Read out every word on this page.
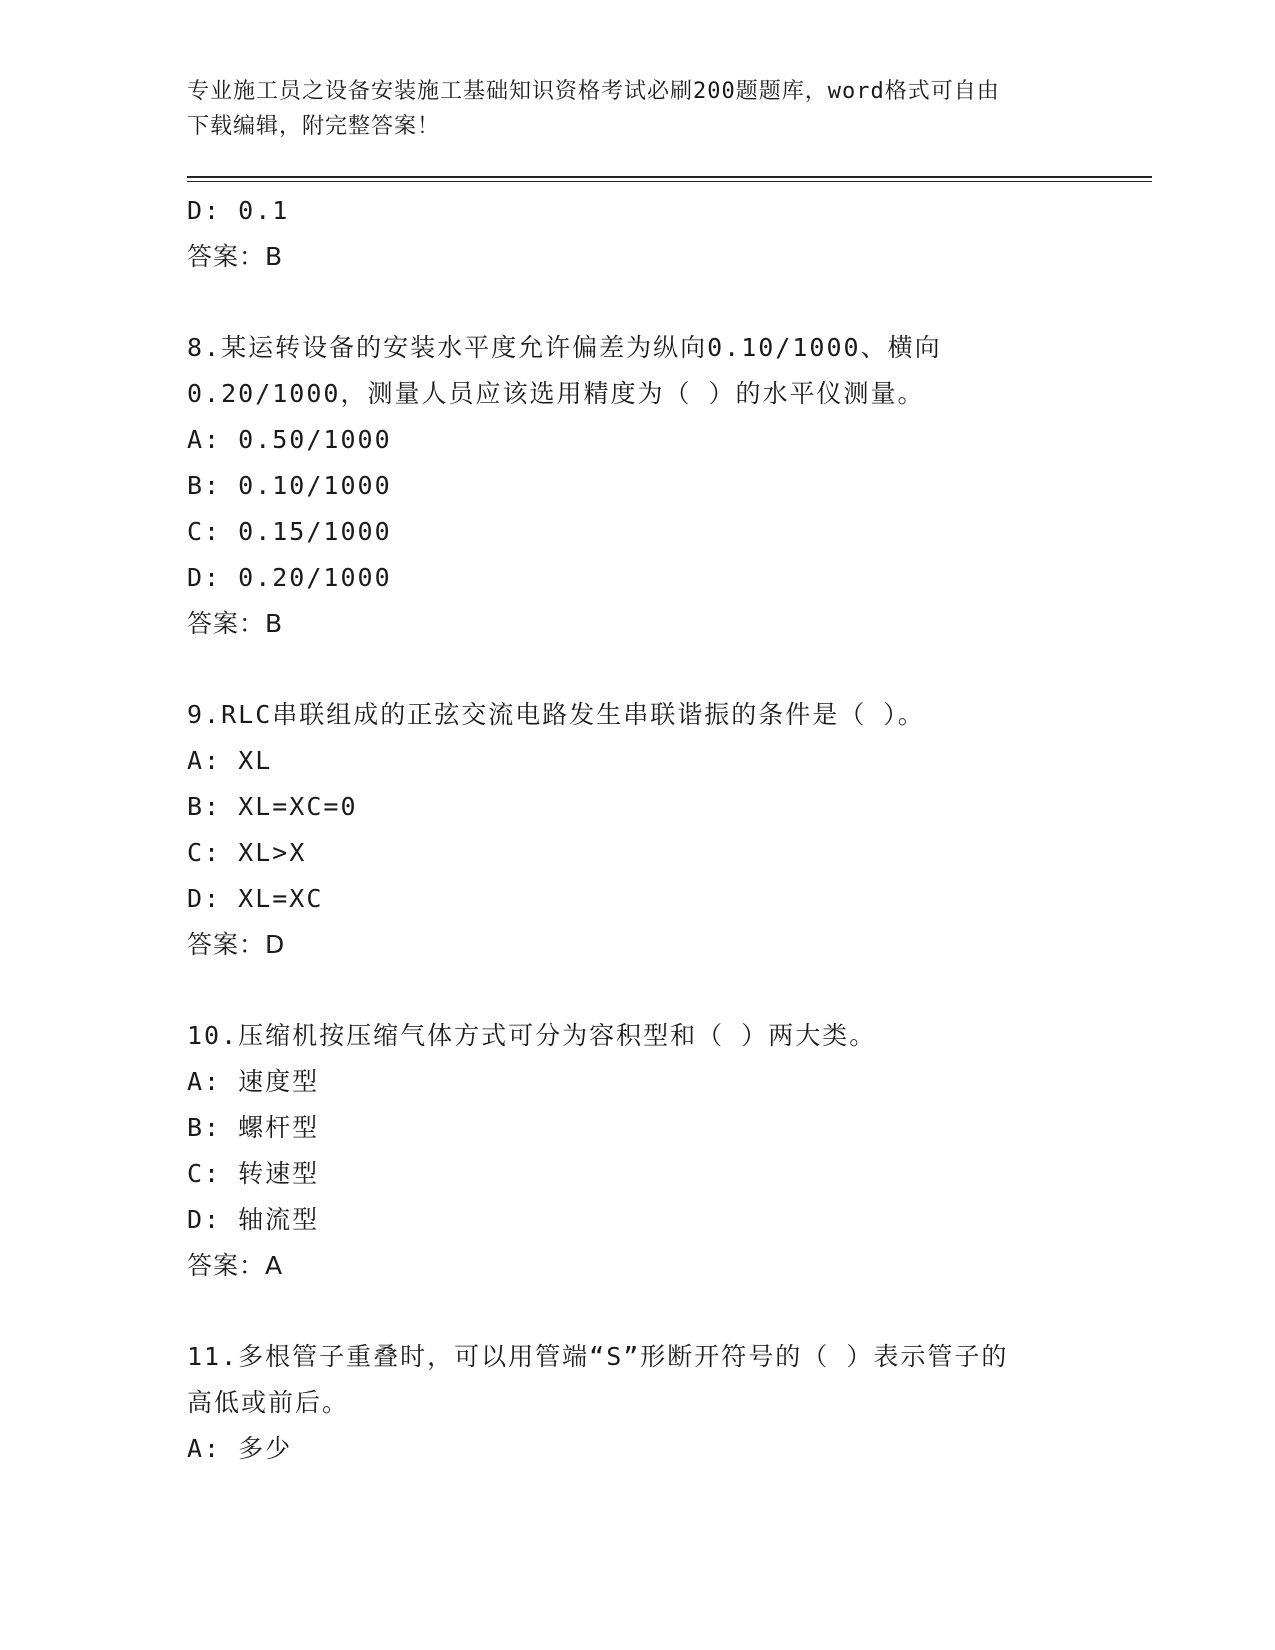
专业施工员之设备安装施工基础知识资格考试必刷200题题库，word格式可自由
下载编辑，附完整答案！
D: 0.1
答案：B
8.某运转设备的安装水平度允许偏差为纵向0.10/1000、横向
0.20/1000，测量人员应该选用精度为（ ）的水平仪测量。
A: 0.50/1000
B: 0.10/1000
C: 0.15/1000
D: 0.20/1000
答案：B
9.RLC串联组成的正弦交流电路发生串联谐振的条件是（ ）。
A: XL
B: XL=XC=0
C: XL>X
D: XL=XC
答案：D
10.压缩机按压缩气体方式可分为容积型和（ ）两大类。
A: 速度型
B: 螺杆型
C: 转速型
D: 轴流型
答案：A
11.多根管子重叠时，可以用管端“S”形断开符号的（ ）表示管子的
高低或前后。
A: 多少
